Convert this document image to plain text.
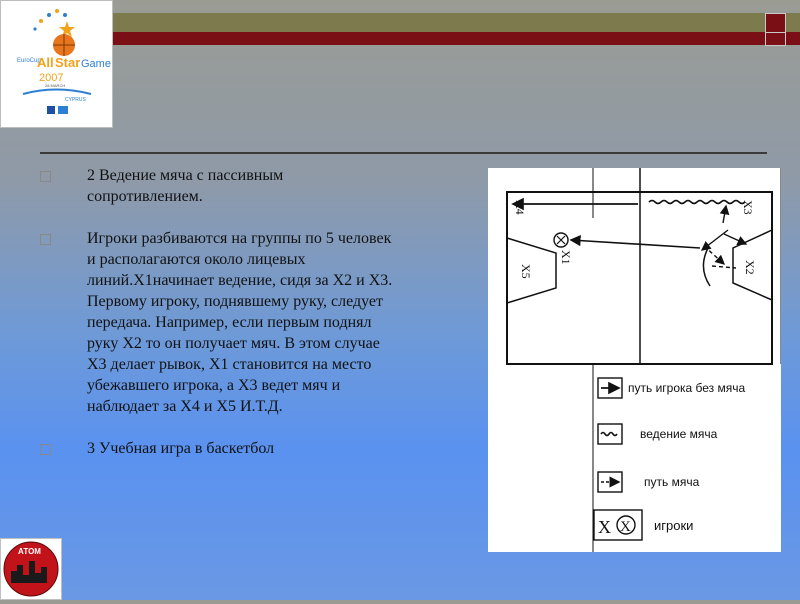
EuroCup
All Star Game
2007
28 MARCH
CYPRUS
2 Ведение мяча с пассивным сопротивлением.
Игроки разбиваются на группы по 5 человек и располагаются около лицевых линий.Х1начинает ведение, сидя за Х2 и Х3. Первому игроку, поднявшему руку, следует передача. Например, если первым поднял руку Х2 то он получает мяч. В этом случае Х3 делает рывок, Х1 становится на место убежавшего игрока, а Х3 ведет мяч и наблюдает за Х4 и Х5 И.Т.Д.
3 Учебная игра в баскетбол
X4
X5
X1
X3
X2
путь игрока без мяча
ведение мяча
путь мяча
X X игроки
АТОМ
